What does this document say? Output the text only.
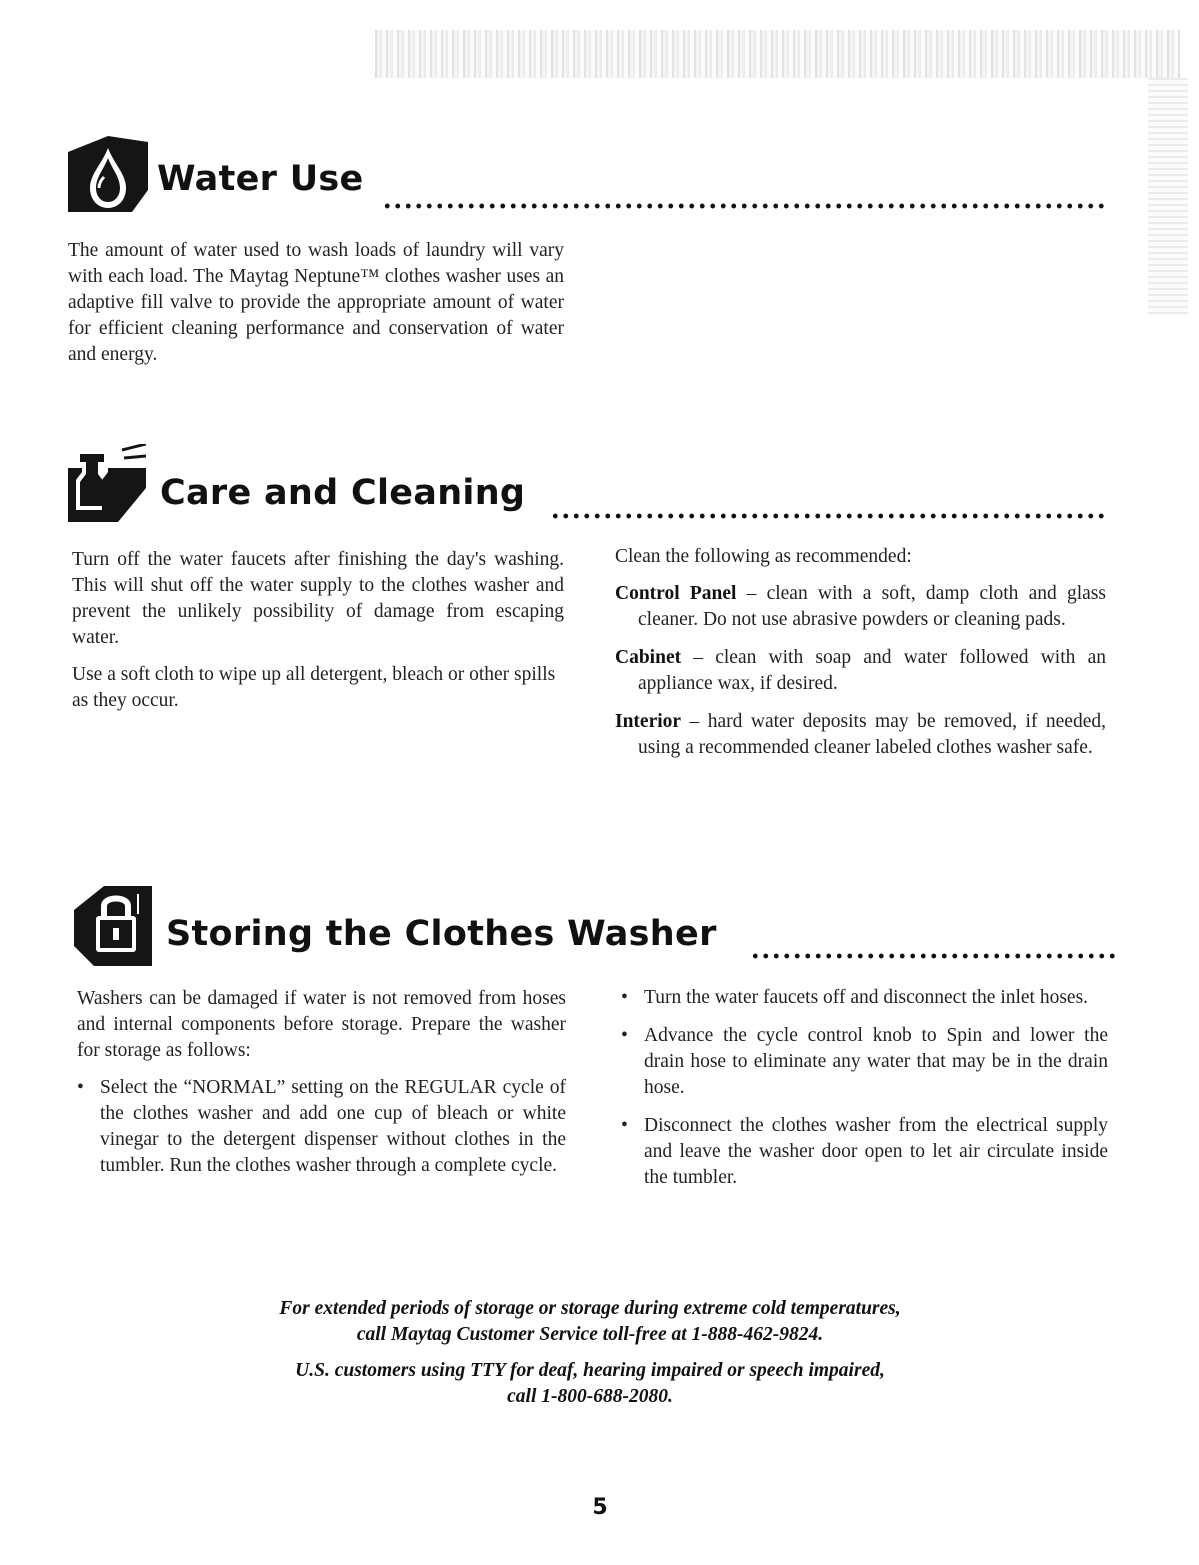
Water Use

The amount of water used to wash loads of laundry will vary with each load. The Maytag Neptune™ clothes washer uses an adaptive fill valve to provide the appropriate amount of water for efficient cleaning performance and conservation of water and energy.

Care and Cleaning

Turn off the water faucets after finishing the day's washing. This will shut off the water supply to the clothes washer and prevent the unlikely possibility of damage from escaping water.

Use a soft cloth to wipe up all detergent, bleach or other spills as they occur.

Clean the following as recommended:

Control Panel – clean with a soft, damp cloth and glass cleaner. Do not use abrasive powders or cleaning pads.
Cabinet – clean with soap and water followed with an appliance wax, if desired.
Interior – hard water deposits may be removed, if needed, using a recommended cleaner labeled clothes washer safe.
Storing the Clothes Washer

Washers can be damaged if water is not removed from hoses and internal components before storage. Prepare the washer for storage as follows:

• Select the “NORMAL” setting on the REGULAR cycle of the clothes washer and add one cup of bleach or white vinegar to the detergent dispenser without clothes in the tumbler. Run the clothes washer through a complete cycle.
• Turn the water faucets off and disconnect the inlet hoses.
• Advance the cycle control knob to Spin and lower the drain hose to eliminate any water that may be in the drain hose.
• Disconnect the clothes washer from the electrical supply and leave the washer door open to let air circulate inside the tumbler.
For extended periods of storage or storage during extreme cold temperatures,
call Maytag Customer Service toll-free at 1-888-462-9824.
U.S. customers using TTY for deaf, hearing impaired or speech impaired,
call 1-800-688-2080.
5
